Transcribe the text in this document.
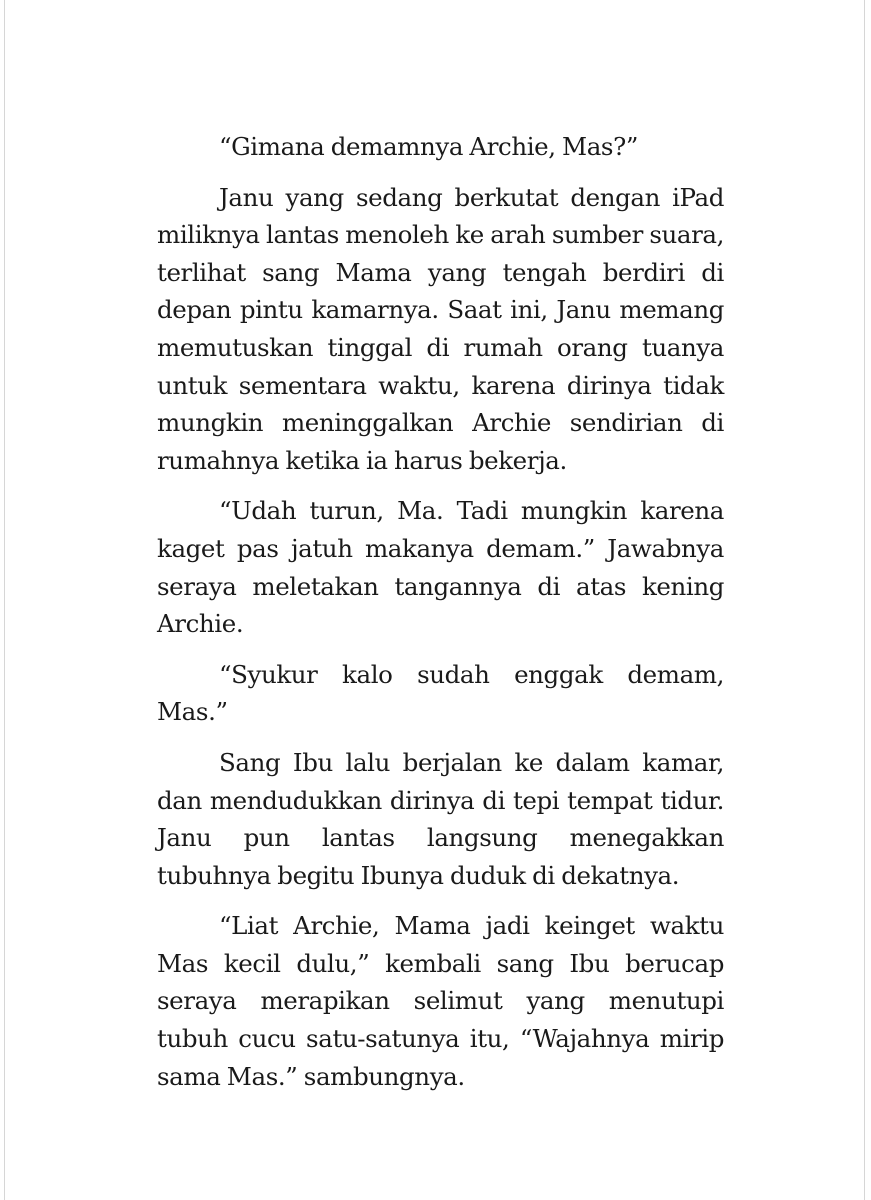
“Gimana demamnya Archie, Mas?”

Janu yang sedang berkutat dengan iPad miliknya lantas menoleh ke arah sumber suara, terlihat sang Mama yang tengah berdiri di depan pintu kamarnya. Saat ini, Janu memang memutuskan tinggal di rumah orang tuanya untuk sementara waktu, karena dirinya tidak mungkin meninggalkan Archie sendirian di rumahnya ketika ia harus bekerja.

“Udah turun, Ma. Tadi mungkin karena kaget pas jatuh makanya demam.” Jawabnya seraya meletakan tangannya di atas kening Archie.

“Syukur kalo sudah enggak demam, Mas.”

Sang Ibu lalu berjalan ke dalam kamar, dan mendudukkan dirinya di tepi tempat tidur. Janu pun lantas langsung menegakkan tubuhnya begitu Ibunya duduk di dekatnya.

“Liat Archie, Mama jadi keinget waktu Mas kecil dulu,” kembali sang Ibu berucap seraya merapikan selimut yang menutupi tubuh cucu satu-satunya itu, “Wajahnya mirip sama Mas.” sambungnya.
